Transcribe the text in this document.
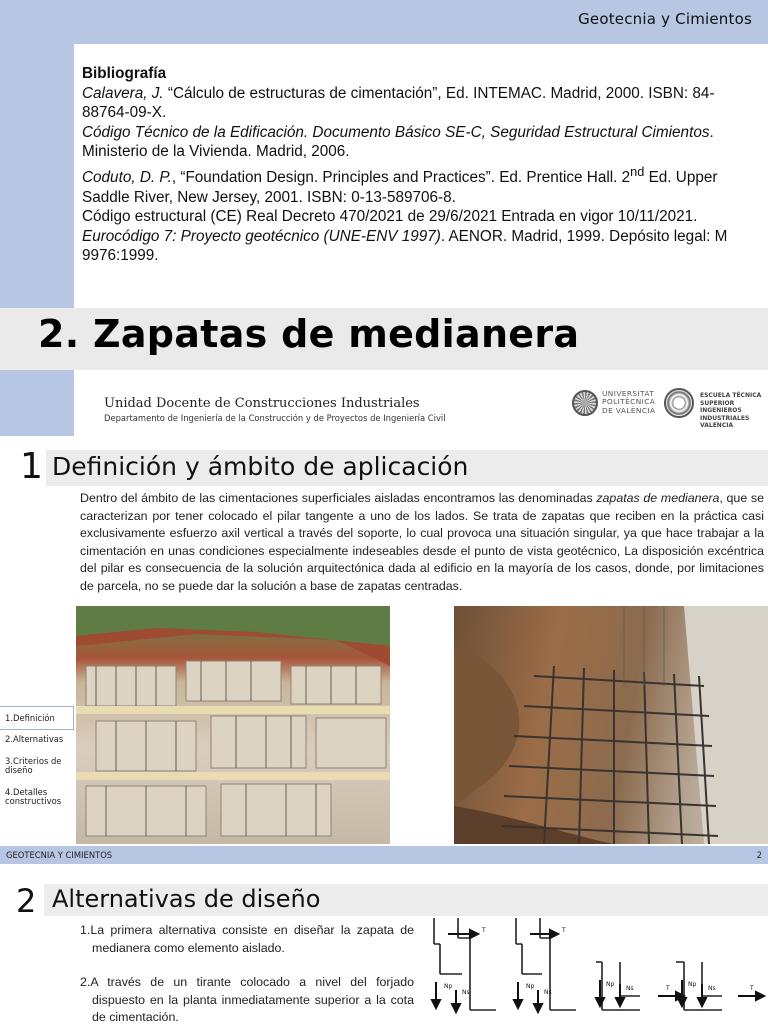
Geotecnia y Cimientos
Bibliografía
Calavera, J. “Cálculo de estructuras de cimentación”, Ed. INTEMAC. Madrid, 2000. ISBN: 84-88764-09-X.
Código Técnico de la Edificación. Documento Básico SE-C, Seguridad Estructural Cimientos. Ministerio de la Vivienda. Madrid, 2006.
Coduto, D. P., “Foundation Design. Principles and Practices”. Ed. Prentice Hall. 2nd Ed. Upper Saddle River, New Jersey, 2001. ISBN: 0-13-589706-8.
Código estructural (CE) Real Decreto 470/2021 de 29/6/2021 Entrada en vigor 10/11/2021.
Eurocódigo 7: Proyecto geotécnico (UNE-ENV 1997). AENOR. Madrid, 1999. Depósito legal: M 9976:1999.
2. Zapatas de medianera
Unidad Docente de Construcciones Industriales
Departamento de Ingeniería de la Construcción y de Proyectos de Ingeniería Civil
UNIVERSITAT
POLITÈCNICA
DE VALÈNCIA
ESCUELA TÉCNICA
SUPERIOR INGENIEROS
INDUSTRIALES VALENCIA
1 Definición y ámbito de aplicación
Dentro del ámbito de las cimentaciones superficiales aisladas encontramos las denominadas zapatas de medianera, que se caracterizan por tener colocado el pilar tangente a uno de los lados. Se trata de zapatas que reciben en la práctica casi exclusivamente esfuerzo axil vertical a través del soporte, lo cual provoca una situación singular, ya que hace trabajar a la cimentación en unas condiciones especialmente indeseables desde el punto de vista geotécnico, La disposición excéntrica del pilar es consecuencia de la solución arquitectónica dada al edificio en la mayoría de los casos, donde, por limitaciones de parcela, no se puede dar la solución a base de zapatas centradas.
1.Definición
2.Alternativas
3.Criterios de diseño
4.Detalles constructivos
GEOTECNIA Y CIMIENTOS	2
2 Alternativas de diseño
1.La primera alternativa consiste en diseñar la zapata de medianera como elemento aislado.
2.A través de un tirante colocado a nivel del forjado dispuesto en la planta inmediatamente superior a la cota de cimentación.
T	T
Np
Ns
Np
Ns
Np
Ns
Np
Ns
T	T
